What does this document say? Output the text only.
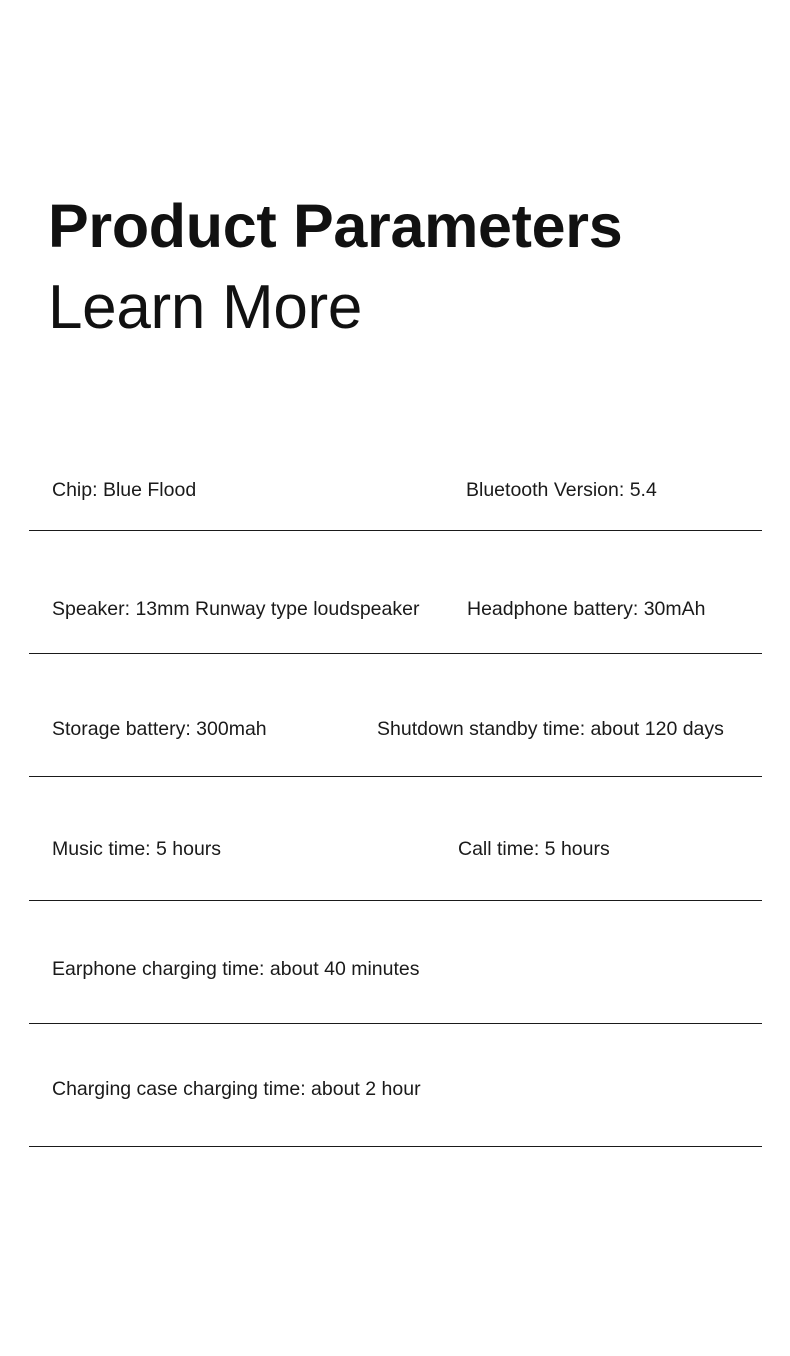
Product Parameters
Learn More
Chip: Blue Flood	Bluetooth Version: 5.4
Speaker: 13mm Runway type loudspeaker Headphone battery: 30mAh
Storage battery: 300mah	Shutdown standby time: about 120 days
Music time: 5 hours	Call time: 5 hours
Earphone charging time: about 40 minutes
Charging case charging time: about 2 hour
